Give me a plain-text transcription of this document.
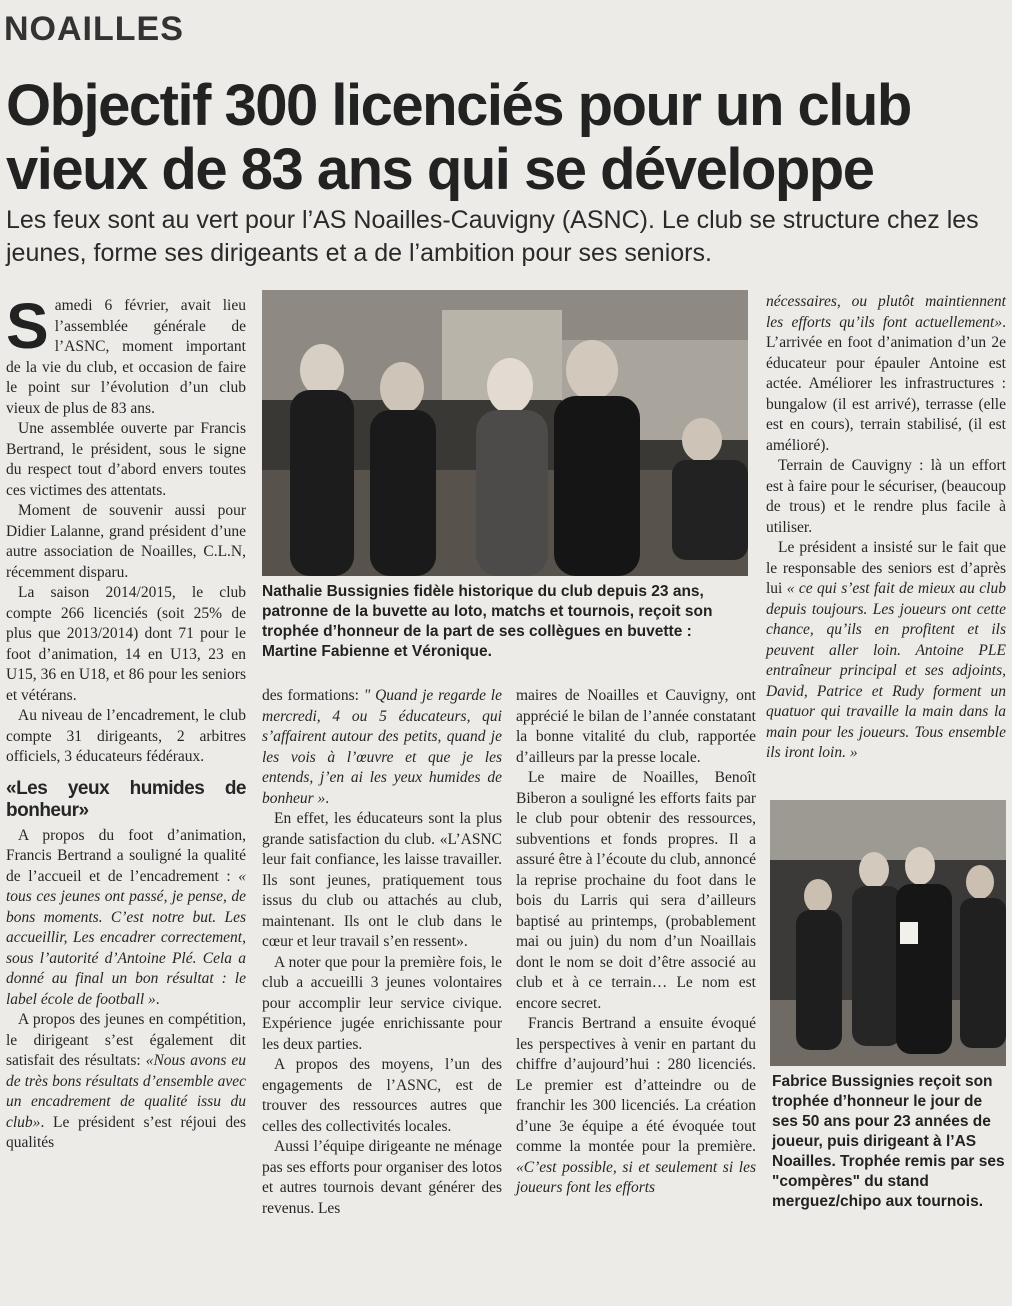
NOAILLES
Objectif 300 licenciés pour un club vieux de 83 ans qui se développe

Les feux sont au vert pour l’AS Noailles-Cauvigny (ASNC). Le club se structure chez les jeunes, forme ses dirigeants et a de l’ambition pour ses seniors.

Samedi 6 février, avait lieu l’assemblée générale de l’ASNC, moment important de la vie du club, et occasion de faire le point sur l’évolution d’un club vieux de plus de 83 ans.

Une assemblée ouverte par Francis Bertrand, le président, sous le signe du respect tout d’abord envers toutes ces victimes des attentats.

Moment de souvenir aussi pour Didier Lalanne, grand président d’une autre association de Noailles, C.L.N, récemment disparu.

La saison 2014/2015, le club compte 266 licenciés (soit 25% de plus que 2013/2014) dont 71 pour le foot d’animation, 14 en U13, 23 en U15, 36 en U18, et 86 pour les seniors et vétérans.

Au niveau de l’encadrement, le club compte 31 dirigeants, 2 arbitres officiels, 3 éducateurs fédéraux.

«Les yeux humides de bonheur»

A propos du foot d’animation, Francis Bertrand a souligné la qualité de l’accueil et de l’encadrement : « tous ces jeunes ont passé, je pense, de bons moments. C’est notre but. Les accueillir, Les encadrer correctement, sous l’autorité d’Antoine Plé. Cela a donné au final un bon résultat : le label école de football ».

A propos des jeunes en compétition, le dirigeant s’est également dit satisfait des résultats: «Nous avons eu de très bons résultats d’ensemble avec un encadrement de qualité issu du club». Le président s’est réjoui des qualités

Nathalie Bussignies fidèle historique du club depuis 23 ans, patronne de la buvette au loto, matchs et tournois, reçoit son trophée d’honneur de la part de ses collègues en buvette : Martine Fabienne et Véronique.

des formations: " Quand je regarde le mercredi, 4 ou 5 éducateurs, qui s’affairent autour des petits, quand je les vois à l’œuvre et que je les entends, j’en ai les yeux humides de bonheur ».

En effet, les éducateurs sont la plus grande satisfaction du club. «L’ASNC leur fait confiance, les laisse travailler. Ils sont jeunes, pratiquement tous issus du club ou attachés au club, maintenant. Ils ont le club dans le cœur et leur travail s’en ressent».

A noter que pour la première fois, le club a accueilli 3 jeunes volontaires pour accomplir leur service civique. Expérience jugée enrichissante pour les deux parties.

A propos des moyens, l’un des engagements de l’ASNC, est de trouver des ressources autres que celles des collectivités locales.

Aussi l’équipe dirigeante ne ménage pas ses efforts pour organiser des lotos et autres tournois devant générer des revenus. Les

maires de Noailles et Cauvigny, ont apprécié le bilan de l’année constatant la bonne vitalité du club, rapportée d’ailleurs par la presse locale.

Le maire de Noailles, Benoît Biberon a souligné les efforts faits par le club pour obtenir des ressources, subventions et fonds propres. Il a assuré être à l’écoute du club, annoncé la reprise prochaine du foot dans le bois du Larris qui sera d’ailleurs baptisé au printemps, (probablement mai ou juin) du nom d’un Noaillais dont le nom se doit d’être associé au club et à ce terrain… Le nom est encore secret.

Francis Bertrand a ensuite évoqué les perspectives à venir en partant du chiffre d’aujourd’hui : 280 licenciés. Le premier est d’atteindre ou de franchir les 300 licenciés. La création d’une 3e équipe a été évoquée tout comme la montée pour la première. «C’est possible, si et seulement si les joueurs font les efforts

nécessaires, ou plutôt maintiennent les efforts qu’ils font actuellement». L’arrivée en foot d’animation d’un 2e éducateur pour épauler Antoine est actée. Améliorer les infrastructures : bungalow (il est arrivé), terrasse (elle est en cours), terrain stabilisé, (il est amélioré).

Terrain de Cauvigny : là un effort est à faire pour le sécuriser, (beaucoup de trous) et le rendre plus facile à utiliser.

Le président a insisté sur le fait que le responsable des seniors est d’après lui « ce qui s’est fait de mieux au club depuis toujours. Les joueurs ont cette chance, qu’ils en profitent et ils peuvent aller loin. Antoine PLE entraîneur principal et ses adjoints, David, Patrice et Rudy forment un quatuor qui travaille la main dans la main pour les joueurs. Tous ensemble ils iront loin. »

Fabrice Bussignies reçoit son trophée d’honneur le jour de ses 50 ans pour 23 années de joueur, puis dirigeant à l’AS Noailles. Trophée remis par ses "compères" du stand merguez/chipo aux tournois.
